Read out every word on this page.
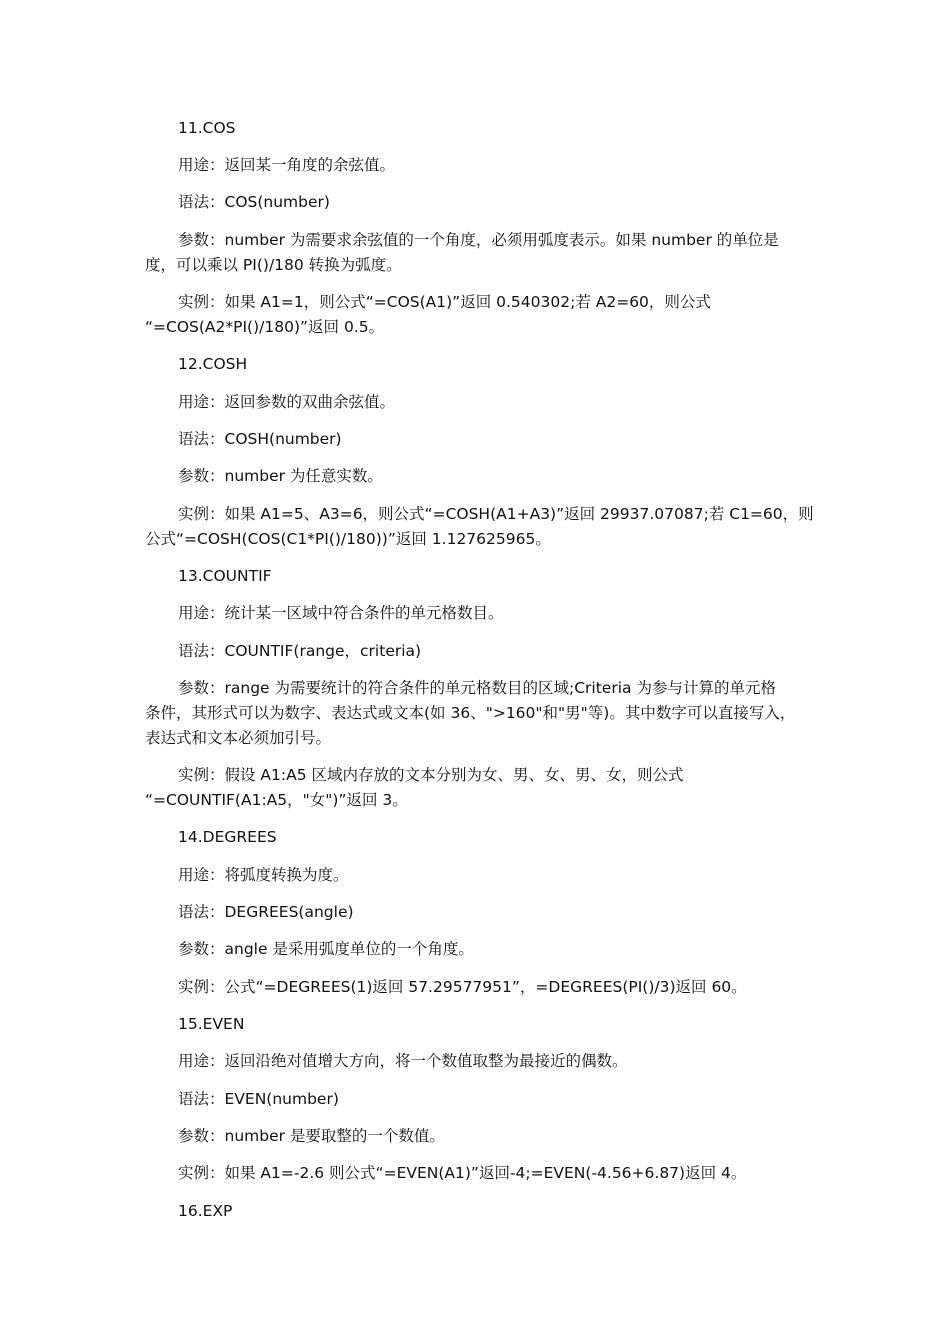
11.COS
用途：返回某一角度的余弦值。
语法：COS(number)
参数：number 为需要求余弦值的一个角度，必须用弧度表示。如果 number 的单位是
度，可以乘以 PI()/180 转换为弧度。
实例：如果 A1=1，则公式“=COS(A1)”返回 0.540302;若 A2=60，则公式
“=COS(A2*PI()/180)”返回 0.5。
12.COSH
用途：返回参数的双曲余弦值。
语法：COSH(number)
参数：number 为任意实数。
实例：如果 A1=5、A3=6，则公式“=COSH(A1+A3)”返回 29937.07087;若 C1=60，则
公式“=COSH(COS(C1*PI()/180))”返回 1.127625965。
13.COUNTIF
用途：统计某一区域中符合条件的单元格数目。
语法：COUNTIF(range，criteria)
参数：range 为需要统计的符合条件的单元格数目的区域;Criteria 为参与计算的单元格
条件，其形式可以为数字、表达式或文本(如 36、">160"和"男"等)。其中数字可以直接写入，
表达式和文本必须加引号。
实例：假设 A1:A5 区域内存放的文本分别为女、男、女、男、女，则公式
“=COUNTIF(A1:A5，"女")”返回 3。
14.DEGREES
用途：将弧度转换为度。
语法：DEGREES(angle)
参数：angle 是采用弧度单位的一个角度。
实例：公式“=DEGREES(1)返回 57.29577951”，=DEGREES(PI()/3)返回 60。
15.EVEN
用途：返回沿绝对值增大方向，将一个数值取整为最接近的偶数。
语法：EVEN(number)
参数：number 是要取整的一个数值。
实例：如果 A1=-2.6 则公式“=EVEN(A1)”返回-4;=EVEN(-4.56+6.87)返回 4。
16.EXP
